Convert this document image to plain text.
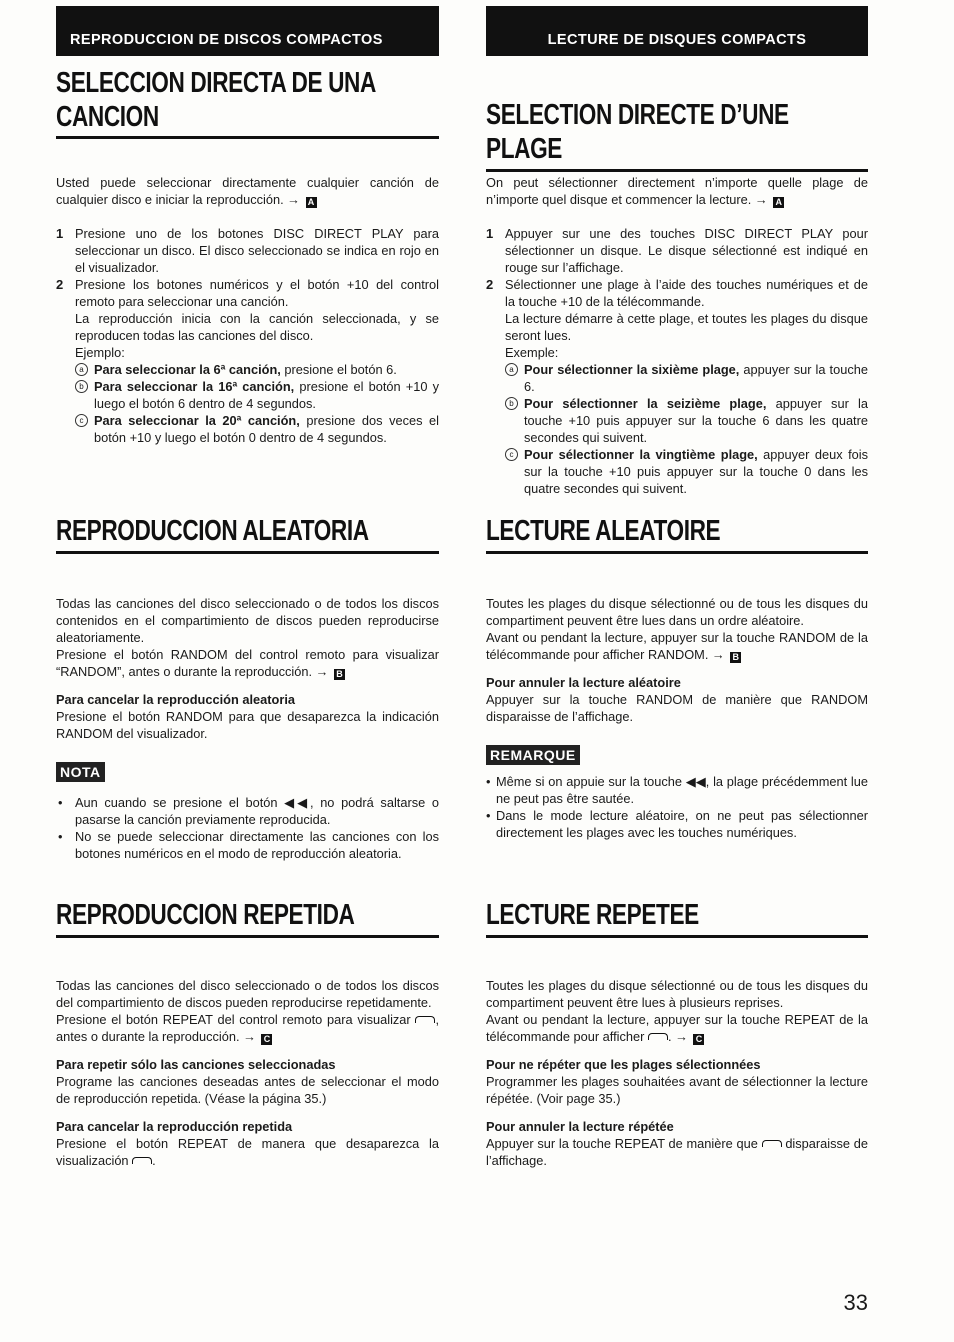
REPRODUCCION DE DISCOS COMPACTOS
SELECCION DIRECTA DE UNA CANCION

Usted puede seleccionar directamente cualquier canción de cualquier disco e iniciar la reproducción. → A

1 Presione uno de los botones DISC DIRECT PLAY para seleccionar un disco. El disco seleccionado se indica en rojo en el visualizador.
2 Presione los botones numéricos y el botón +10 del control remoto para seleccionar una canción.

La reproducción inicia con la canción seleccionada, y se reproducen todas las canciones del disco.

Ejemplo:

a Para seleccionar la 6ª canción, presione el botón 6.
b Para seleccionar la 16ª canción, presione el botón +10 y luego el botón 6 dentro de 4 segundos.
c Para seleccionar la 20ª canción, presione dos veces el botón +10 y luego el botón 0 dentro de 4 segundos.
REPRODUCCION ALEATORIA

Todas las canciones del disco seleccionado o de todos los discos contenidos en el compartimiento de discos pueden reproducirse aleatoriamente.

Presione el botón RANDOM del control remoto para visualizar “RANDOM”, antes o durante la reproducción. → B

Para cancelar la reproducción aleatoria

Presione el botón RANDOM para que desaparezca la indicación RANDOM del visualizador.

NOTA
• Aun cuando se presione el botón ◀◀, no podrá saltarse o pasarse la canción previamente reproducida.
• No se puede seleccionar directamente las canciones con los botones numéricos en el modo de reproducción aleatoria.
REPRODUCCION REPETIDA

Todas las canciones del disco seleccionado o de todos los discos del compartimiento de discos pueden reproducirse repetidamente.

Presione el botón REPEAT del control remoto para visualizar , antes o durante la reproducción. → C

Para repetir sólo las canciones seleccionadas

Programe las canciones deseadas antes de seleccionar el modo de reproducción repetida. (Véase la página 35.)

Para cancelar la reproducción repetida

Presione el botón REPEAT de manera que desaparezca la visualización .

LECTURE DE DISQUES COMPACTS
SELECTION DIRECTE D’UNE PLAGE

On peut sélectionner directement n’importe quelle plage de n’importe quel disque et commencer la lecture. → A

1 Appuyer sur une des touches DISC DIRECT PLAY pour sélectionner un disque. Le disque sélectionné est indiqué en rouge sur l’affichage.
2 Sélectionner une plage à l’aide des touches numériques et de la touche +10 de la télécommande.

La lecture démarre à cette plage, et toutes les plages du disque seront lues.

Exemple:

a Pour sélectionner la sixième plage, appuyer sur la touche 6.
b Pour sélectionner la seizième plage, appuyer sur la touche +10 puis appuyer sur la touche 6 dans les quatre secondes qui suivent.
c Pour sélectionner la vingtième plage, appuyer deux fois sur la touche +10 puis appuyer sur la touche 0 dans les quatre secondes qui suivent.
LECTURE ALEATOIRE

Toutes les plages du disque sélectionné ou de tous les disques du compartiment peuvent être lues dans un ordre aléatoire.

Avant ou pendant la lecture, appuyer sur la touche RANDOM de la télécommande pour afficher RANDOM. → B

Pour annuler la lecture aléatoire

Appuyer sur la touche RANDOM de manière que RANDOM disparaisse de l’affichage.

REMARQUE
• Même si on appuie sur la touche ◀◀, la plage précédemment lue ne peut pas être sautée.
• Dans le mode lecture aléatoire, on ne peut pas sélectionner directement les plages avec les touches numériques.
LECTURE REPETEE

Toutes les plages du disque sélectionné ou de tous les disques du compartiment peuvent être lues à plusieurs reprises.

Avant ou pendant la lecture, appuyer sur la touche REPEAT de la télécommande pour afficher . → C

Pour ne répéter que les plages sélectionnées

Programmer les plages souhaitées avant de sélectionner la lecture répétée. (Voir page 35.)

Pour annuler la lecture répétée

Appuyer sur la touche REPEAT de manière que  disparaisse de l’affichage.

33
